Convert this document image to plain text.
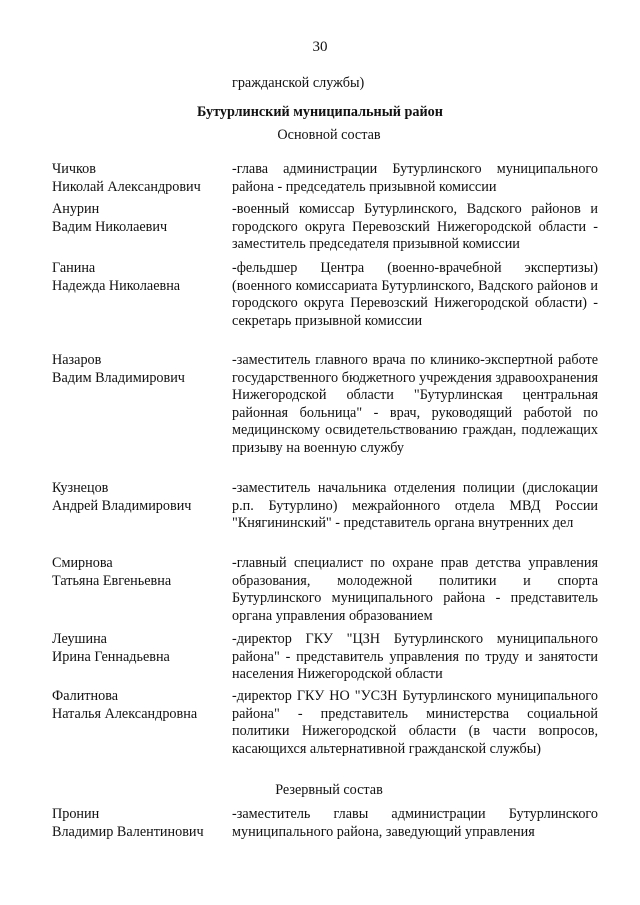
30
гражданской службы)
Бутурлинский муниципальный район
Основной состав
Чичков
Николай Александрович
-глава администрации Бутурлинского муниципального района - председатель призывной комиссии
Анурин
Вадим Николаевич
-военный комиссар Бутурлинского, Вадского районов и городского округа Перевозский Нижегородской области - заместитель председателя призывной комиссии
Ганина
Надежда Николаевна
-фельдшер Центра (военно-врачебной экспертизы) (военного комиссариата Бутурлинского, Вадского районов и городского округа Перевозский Нижегородской области) - секретарь призывной комиссии
Назаров
Вадим Владимирович
-заместитель главного врача по клинико-экспертной работе государственного бюджетного учреждения здравоохранения Нижегородской области "Бутурлинская центральная районная больница" - врач, руководящий работой по медицинскому освидетельствованию граждан, подлежащих призыву на военную службу
Кузнецов
Андрей Владимирович
-заместитель начальника отделения полиции (дислокации р.п. Бутурлино) межрайонного отдела МВД России "Княгининский" - представитель органа внутренних дел
Смирнова
Татьяна Евгеньевна
-главный специалист по охране прав детства управления образования, молодежной политики и спорта Бутурлинского муниципального района - представитель органа управления образованием
Леушина
Ирина Геннадьевна
-директор ГКУ "ЦЗН Бутурлинского муниципального района" - представитель управления по труду и занятости населения Нижегородской области
Фалитнова
Наталья Александровна
-директор ГКУ НО "УСЗН Бутурлинского муниципального района" - представитель министерства социальной политики Нижегородской области (в части вопросов, касающихся альтернативной гражданской службы)
Резервный состав
Пронин
Владимир Валентинович
-заместитель главы администрации Бутурлинского муниципального района, заведующий управления
